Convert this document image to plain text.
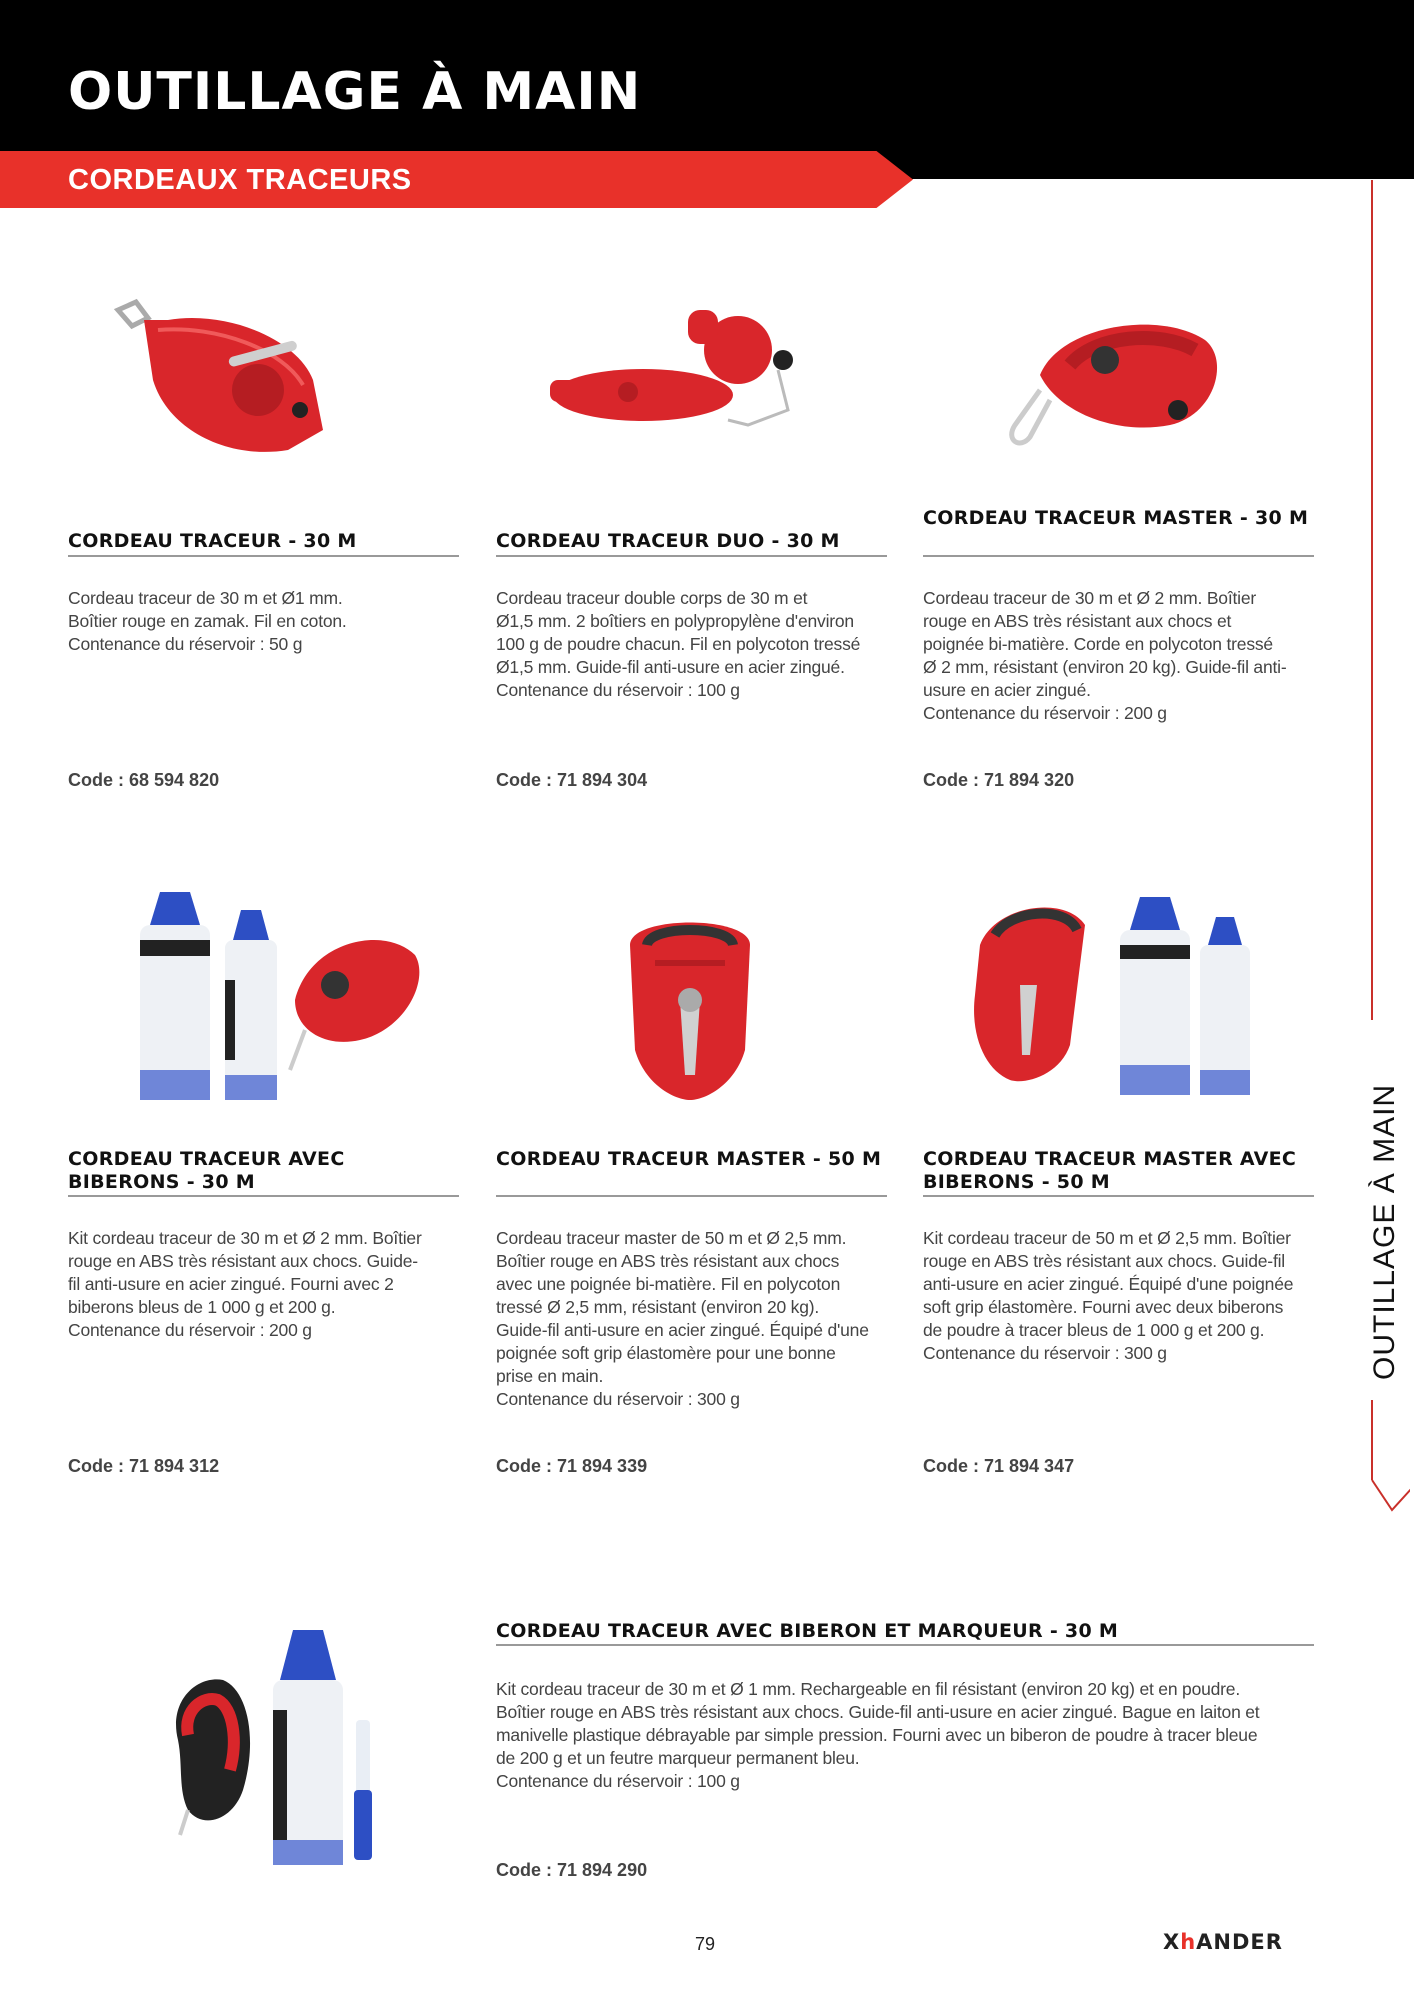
OUTILLAGE À MAIN
CORDEAUX TRACEURS
OUTILLAGE À MAIN
CORDEAU TRACEUR - 30 M

Cordeau traceur de 30 m et Ø1 mm.
Boîtier rouge en zamak. Fil en coton.
Contenance du réservoir : 50 g

Code : 68 594 820

CORDEAU TRACEUR DUO - 30 M

Cordeau traceur double corps de 30 m et
Ø1,5 mm. 2 boîtiers en polypropylène d'environ
100 g de poudre chacun. Fil en polycoton tressé
Ø1,5 mm. Guide-fil anti-usure en acier zingué.
Contenance du réservoir : 100 g

Code : 71 894 304

CORDEAU TRACEUR MASTER - 30 M

Cordeau traceur de 30 m et Ø 2 mm. Boîtier
rouge en ABS très résistant aux chocs et
poignée bi-matière. Corde en polycoton tressé
Ø 2 mm, résistant (environ 20 kg). Guide-fil anti-
usure en acier zingué.
Contenance du réservoir : 200 g

Code : 71 894 320

CORDEAU TRACEUR AVEC BIBERONS - 30 M

Kit cordeau traceur de 30 m et Ø 2 mm. Boîtier
rouge en ABS très résistant aux chocs. Guide-
fil anti-usure en acier zingué. Fourni avec 2
biberons bleus de 1 000 g et 200 g.
Contenance du réservoir : 200 g

Code : 71 894 312

CORDEAU TRACEUR MASTER - 50 M

Cordeau traceur master de 50 m et Ø 2,5 mm.
Boîtier rouge en ABS très résistant aux chocs
avec une poignée bi-matière. Fil en polycoton
tressé Ø 2,5 mm, résistant (environ 20 kg).
Guide-fil anti-usure en acier zingué. Équipé d'une
poignée soft grip élastomère pour une bonne
prise en main.
Contenance du réservoir : 300 g

Code : 71 894 339

CORDEAU TRACEUR MASTER AVEC BIBERONS - 50 M

Kit cordeau traceur de 50 m et Ø 2,5 mm. Boîtier
rouge en ABS très résistant aux chocs. Guide-fil
anti-usure en acier zingué. Équipé d'une poignée
soft grip élastomère. Fourni avec deux biberons
de poudre à tracer bleus de 1 000 g et 200 g.
Contenance du réservoir : 300 g

Code : 71 894 347

CORDEAU TRACEUR AVEC BIBERON ET MARQUEUR - 30 M

Kit cordeau traceur de 30 m et Ø 1 mm. Rechargeable en fil résistant (environ 20 kg) et en poudre.
Boîtier rouge en ABS très résistant aux chocs. Guide-fil anti-usure en acier zingué. Bague en laiton et
manivelle plastique débrayable par simple pression. Fourni avec un biberon de poudre à tracer bleue
de 200 g et un feutre marqueur permanent bleu.
Contenance du réservoir : 100 g

Code : 71 894 290

79	XhANDER
